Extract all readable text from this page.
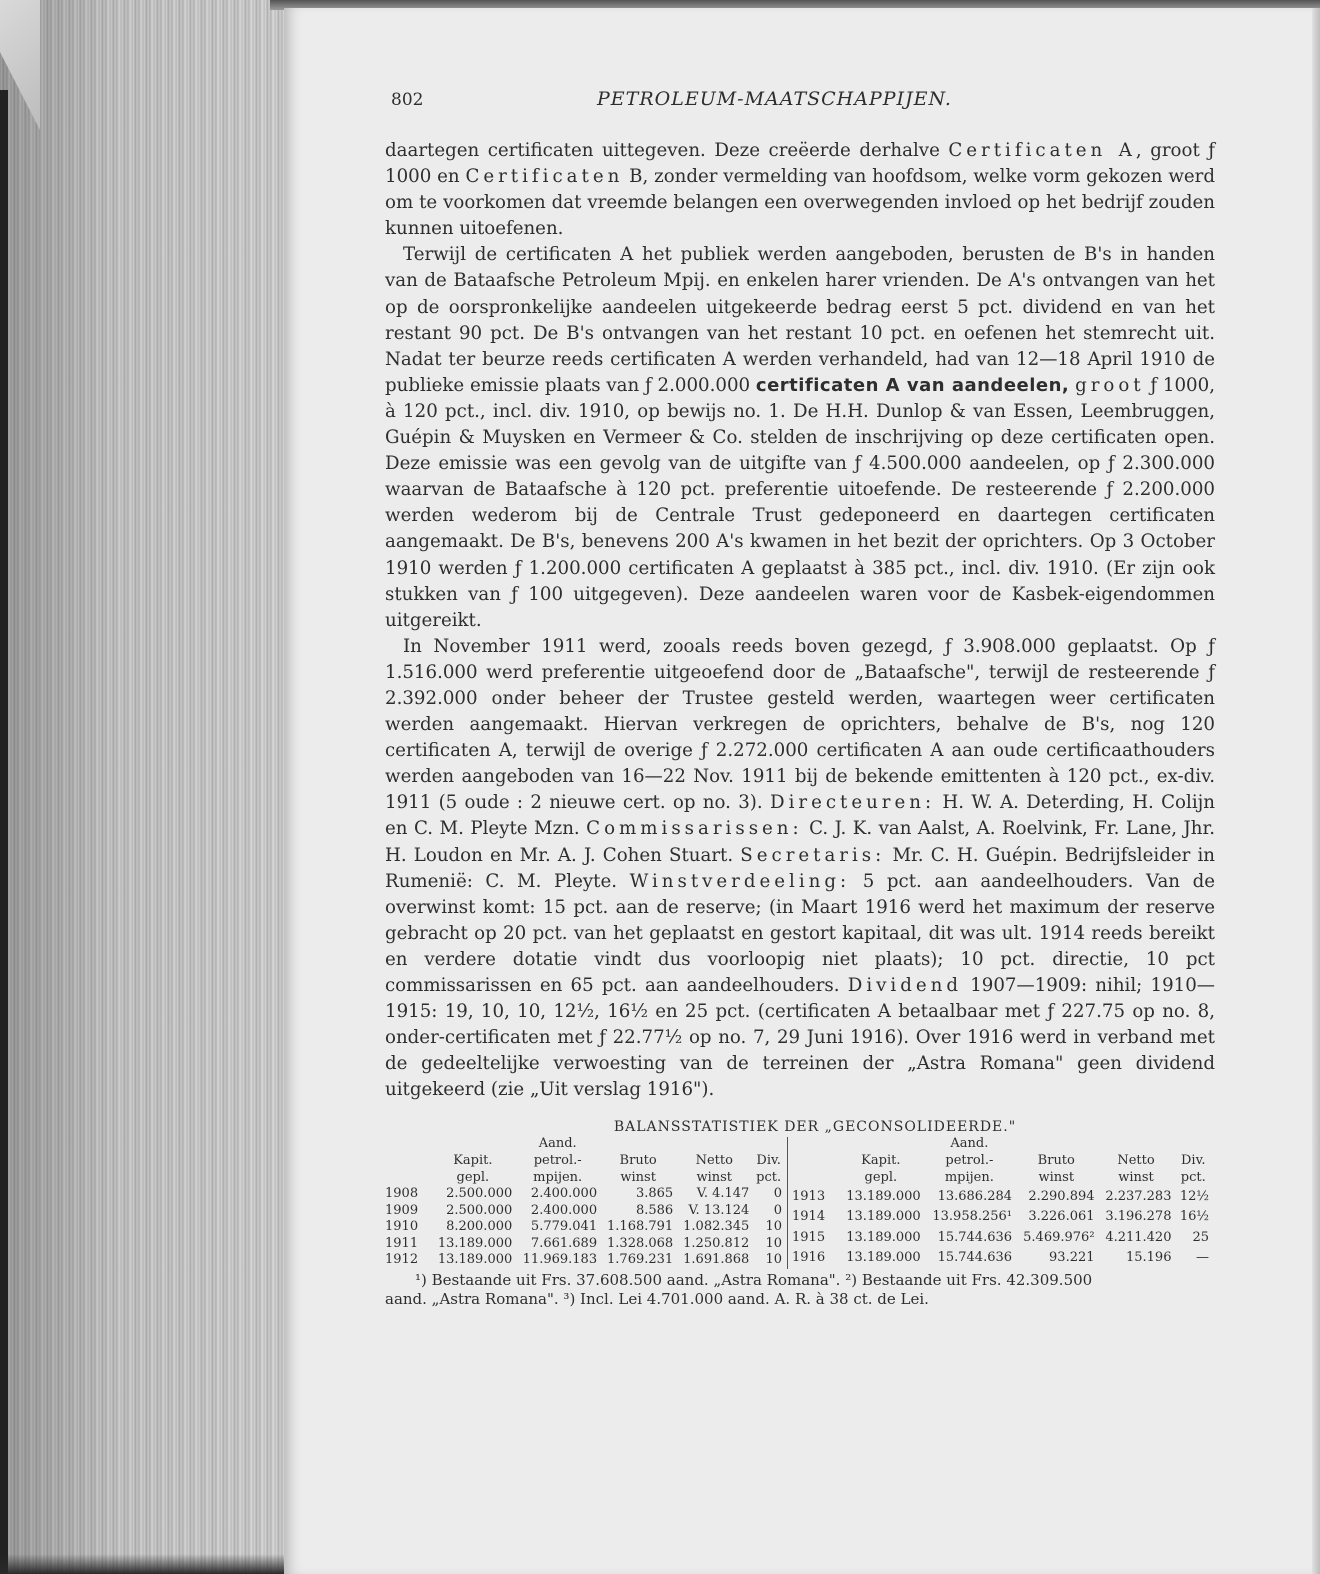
802	PETROLEUM-MAATSCHAPPIJEN.

daartegen certificaten uittegeven. Deze creëerde derhalve Certificaten A, groot ƒ 1000 en Certificaten B, zonder vermelding van hoofdsom, welke vorm gekozen werd om te voorkomen dat vreemde belangen een overwegenden invloed op het bedrijf zouden kunnen uitoefenen.

Terwijl de certificaten A het publiek werden aangeboden, berusten de B's in handen van de Bataafsche Petroleum Mpij. en enkelen harer vrienden. De A's ontvangen van het op de oorspronkelijke aandeelen uitgekeerde bedrag eerst 5 pct. dividend en van het restant 90 pct. De B's ontvangen van het restant 10 pct. en oefenen het stemrecht uit. Nadat ter beurze reeds certificaten A werden verhandeld, had van 12—18 April 1910 de publieke emissie plaats van ƒ 2.000.000 certificaten A van aandeelen, groot ƒ 1000, à 120 pct., incl. div. 1910, op bewijs no. 1. De H.H. Dunlop & van Essen, Leembruggen, Guépin & Muysken en Vermeer & Co. stelden de inschrijving op deze certificaten open. Deze emissie was een gevolg van de uitgifte van ƒ 4.500.000 aandeelen, op ƒ 2.300.000 waarvan de Bataafsche à 120 pct. preferentie uitoefende. De resteerende ƒ 2.200.000 werden wederom bij de Centrale Trust gedeponeerd en daartegen certificaten aangemaakt. De B's, benevens 200 A's kwamen in het bezit der oprichters. Op 3 October 1910 werden ƒ 1.200.000 certificaten A geplaatst à 385 pct., incl. div. 1910. (Er zijn ook stukken van ƒ 100 uitgegeven). Deze aandeelen waren voor de Kasbek-eigendommen uitgereikt.

In November 1911 werd, zooals reeds boven gezegd, ƒ 3.908.000 geplaatst. Op ƒ 1.516.000 werd preferentie uitgeoefend door de „Bataafsche", terwijl de resteerende ƒ 2.392.000 onder beheer der Trustee gesteld werden, waartegen weer certificaten werden aangemaakt. Hiervan verkregen de oprichters, behalve de B's, nog 120 certificaten A, terwijl de overige ƒ 2.272.000 certificaten A aan oude certificaathouders werden aangeboden van 16—22 Nov. 1911 bij de bekende emittenten à 120 pct., ex-div. 1911 (5 oude : 2 nieuwe cert. op no. 3). Directeuren: H. W. A. Deterding, H. Colijn en C. M. Pleyte Mzn. Commissarissen: C. J. K. van Aalst, A. Roelvink, Fr. Lane, Jhr. H. Loudon en Mr. A. J. Cohen Stuart. Secretaris: Mr. C. H. Guépin. Bedrijfsleider in Rumenië: C. M. Pleyte. Winstverdeeling: 5 pct. aan aandeelhouders. Van de overwinst komt: 15 pct. aan de reserve; (in Maart 1916 werd het maximum der reserve gebracht op 20 pct. van het geplaatst en gestort kapitaal, dit was ult. 1914 reeds bereikt en verdere dotatie vindt dus voorloopig niet plaats); 10 pct. directie, 10 pct commissarissen en 65 pct. aan aandeelhouders. Dividend 1907—1909: nihil; 1910—1915: 19, 10, 10, 12½, 16½ en 25 pct. (certificaten A betaalbaar met ƒ 227.75 op no. 8, onder-certificaten met ƒ 22.77½ op no. 7, 29 Juni 1916). Over 1916 werd in verband met de gedeeltelijke verwoesting van de terreinen der „Astra Romana" geen dividend uitgekeerd (zie „Uit verslag 1916").

BALANSSTATISTIEK DER „GECONSOLIDEERDE."
		Aand.			
	Kapit.	petrol.-	Bruto	Netto	Div.
	gepl.	mpijen.	winst	winst	pct.
1908	2.500.000	2.400.000	3.865	V. 4.147	0
1909	2.500.000	2.400.000	8.586	V. 13.124	0
1910	8.200.000	5.779.041	1.168.791	1.082.345	10
1911	13.189.000	7.661.689	1.328.068	1.250.812	10
1912	13.189.000	11.969.183	1.769.231	1.691.868	10
		Aand.			
	Kapit.	petrol.-	Bruto	Netto	Div.
	gepl.	mpijen.	winst	winst	pct.
1913	13.189.000	13.686.284	2.290.894	2.237.283	12½
1914	13.189.000	13.958.256¹	3.226.061	3.196.278	16½
1915	13.189.000	15.744.636	5.469.976²	4.211.420	25
1916	13.189.000	15.744.636	93.221	15.196	—

¹) Bestaande uit Frs. 37.608.500 aand. „Astra Romana". ²) Bestaande uit Frs. 42.309.500

aand. „Astra Romana". ³) Incl. Lei 4.701.000 aand. A. R. à 38 ct. de Lei.
